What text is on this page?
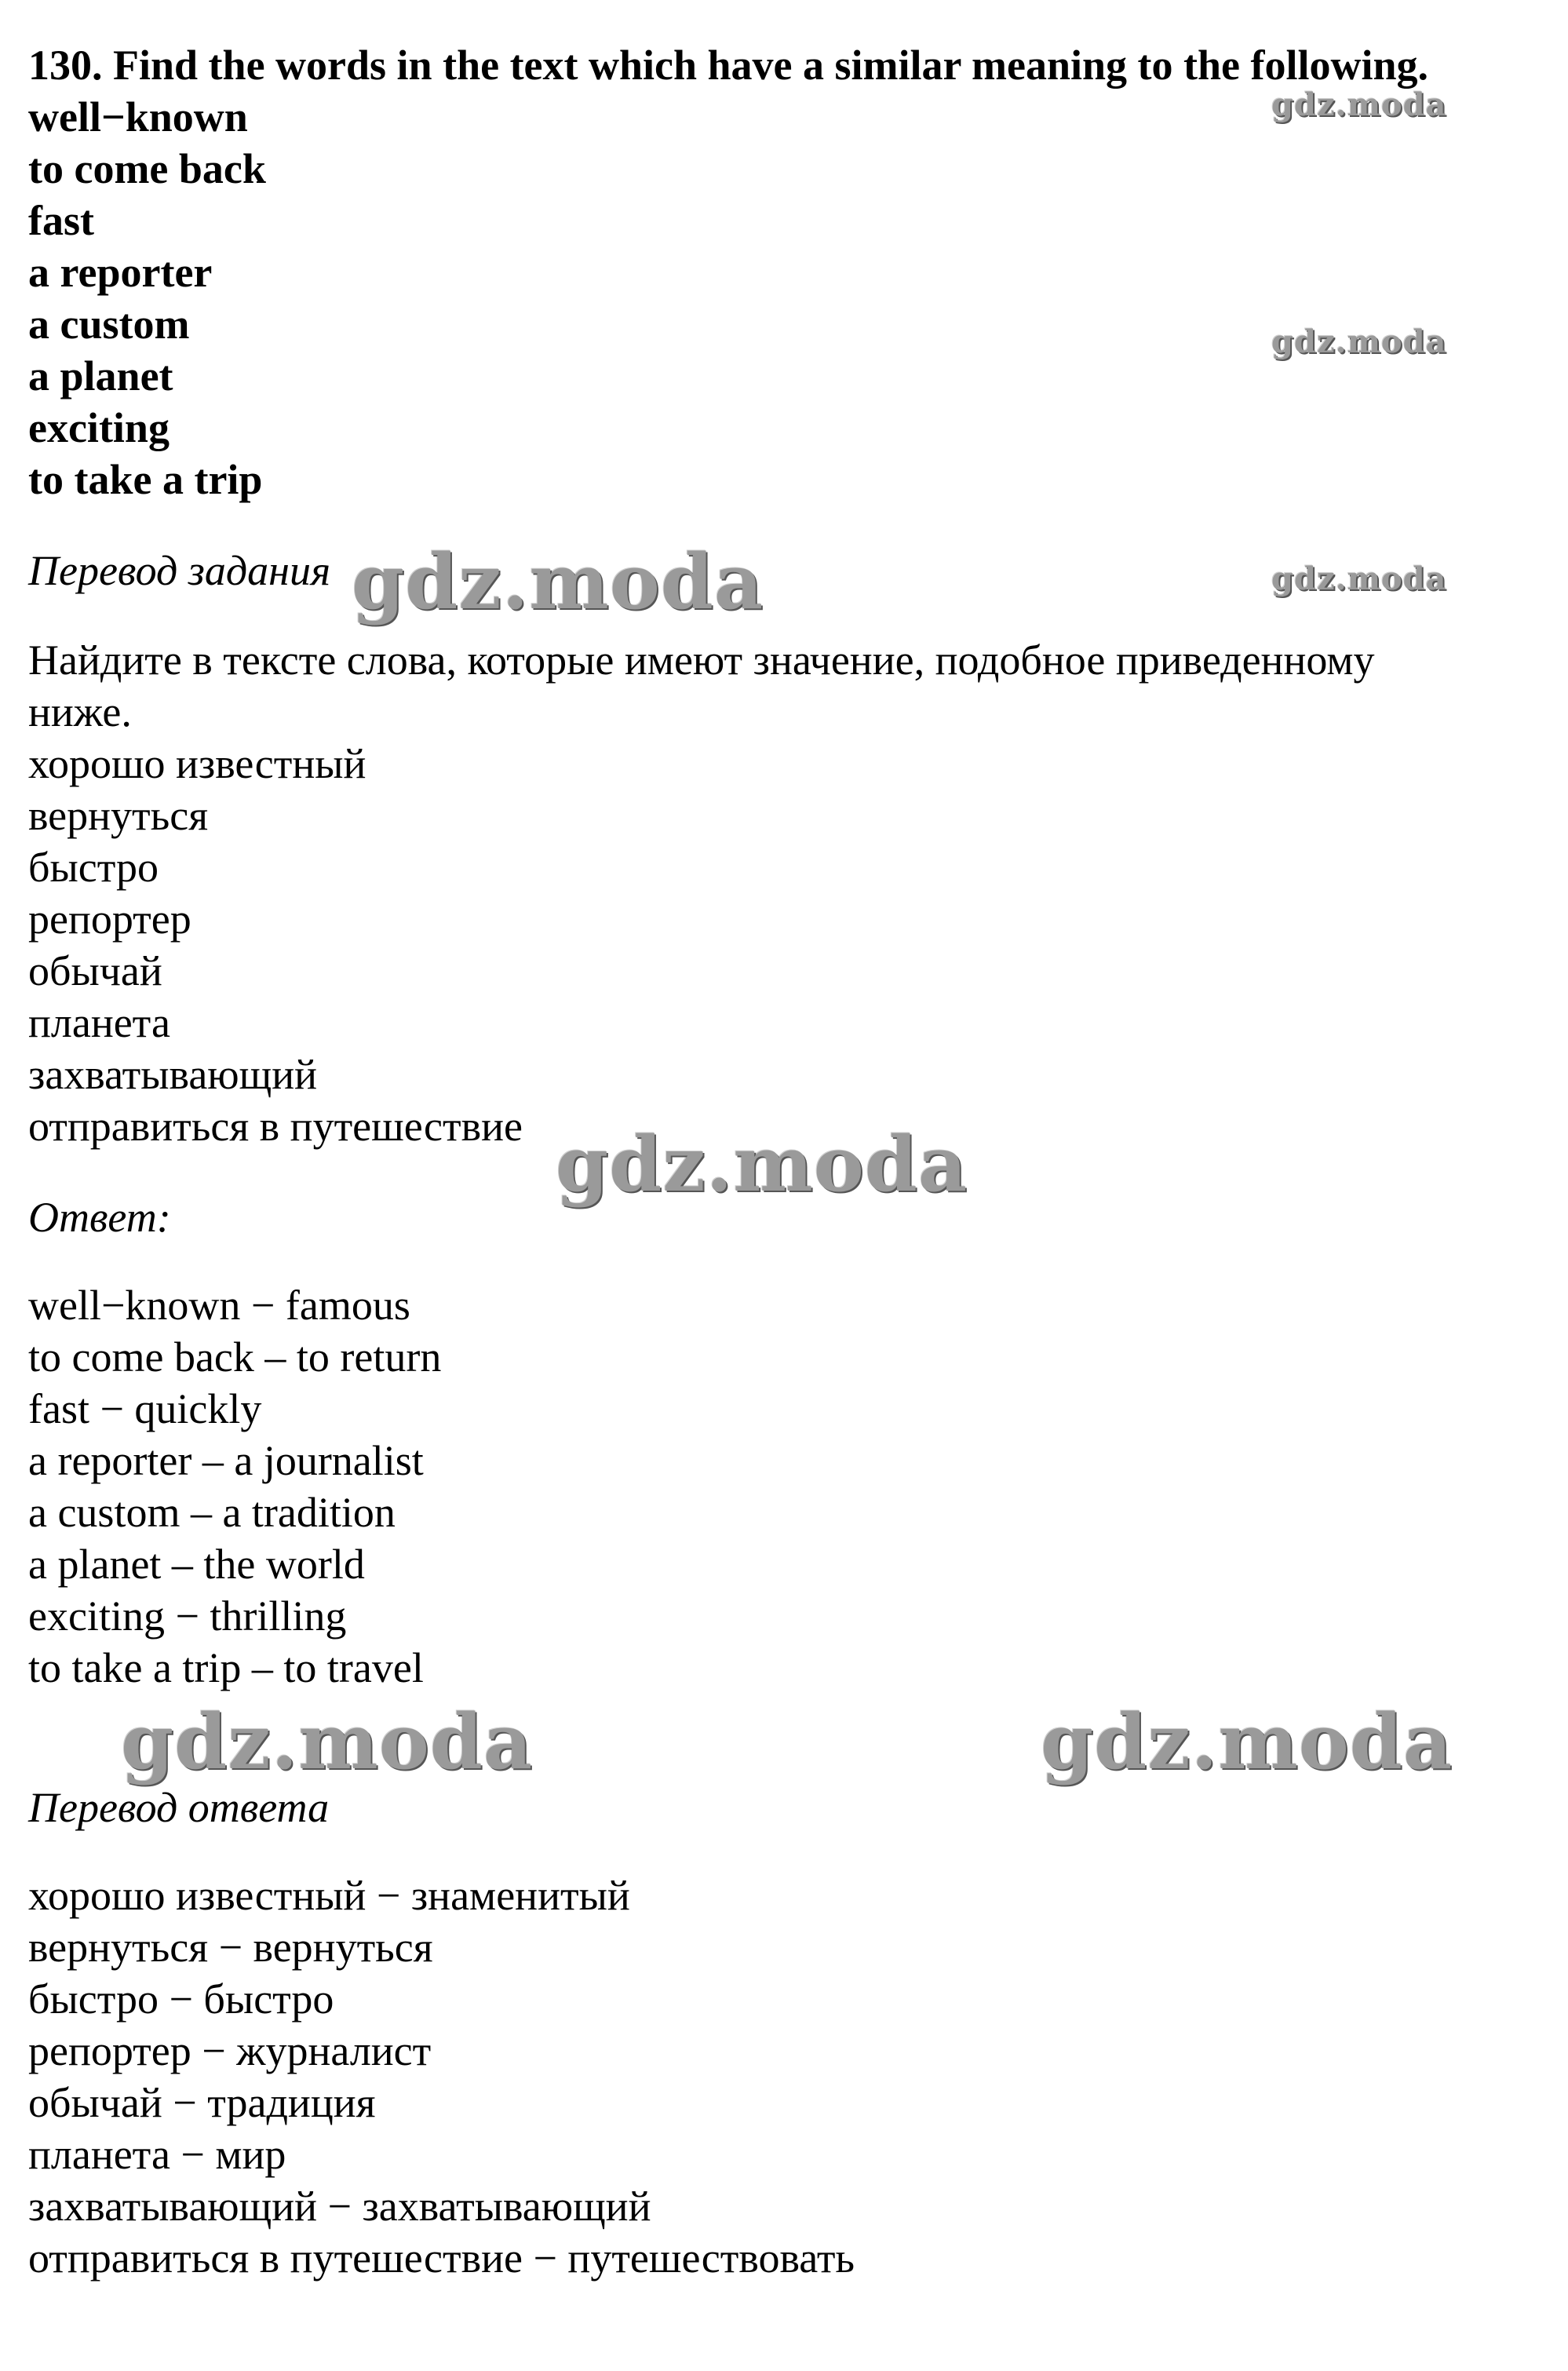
130. Find the words in the text which have a similar meaning to the following.
well−known
to come back
fast
a reporter
a custom
a planet
exciting
to take a trip
Перевод задания
Найдите в тексте слова, которые имеют значение, подобное приведенному
ниже.
хорошо известный
вернуться
быстро
репортер
обычай
планета
захватывающий
отправиться в путешествие
Ответ:
well−known − famous
to come back – to return
fast − quickly
a reporter – a journalist
a custom – a tradition
a planet – the world
exciting − thrilling
to take a trip – to travel
Перевод ответа
хорошо известный − знаменитый
вернуться − вернуться
быстро − быстро
репортер − журналист
обычай − традиция
планета − мир
захватывающий − захватывающий
отправиться в путешествие − путешествовать
gdz.moda
gdz.moda
gdz.moda
gdz.moda
gdz.moda
gdz.moda	gdz.moda
